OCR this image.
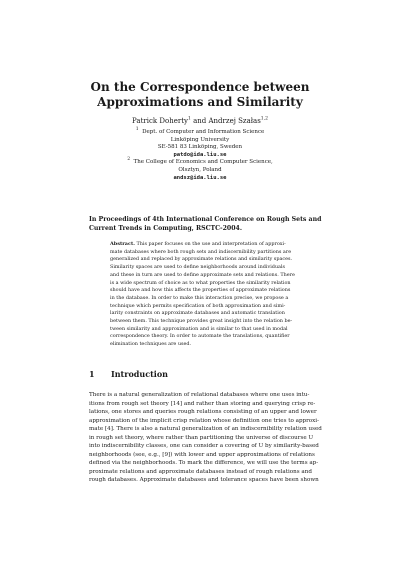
On the Correspondence between
Approximations and Similarity
Patrick Doherty$^1$ and Andrzej Szałas$^{1,2}$
$^1$ Dept. of Computer and Information Science
Linköping University
SE-581 83 Linköping, Sweden
patdo@ida.liu.se
$^2$ The College of Economics and Computer Science,
Olsztyn, Poland
andsz@ida.liu.se
In Proceedings of 4th International Conference on Rough Sets and
Current Trends in Computing, RSCTC-2004.
Abstract. This paper focuses on the use and interpretation of approxi-
mate databases where both rough sets and indiscernibility partitions are
generalized and replaced by approximate relations and similarity spaces.
Similarity spaces are used to define neighborhoods around individuals
and these in turn are used to define approximate sets and relations. There
is a wide spectrum of choice as to what properties the similarity relation
should have and how this affects the properties of approximate relations
in the database. In order to make this interaction precise, we propose a
technique which permits specification of both approximation and simi-
larity constraints on approximate databases and automatic translation
between them. This technique provides great insight into the relation be-
tween similarity and approximation and is similar to that used in modal
correspondence theory. In order to automate the translations, quantifier
elimination techniques are used.
1 Introduction
There is a natural generalization of relational databases where one uses intu-
itions from rough set theory [14] and rather than storing and querying crisp re-
lations, one stores and queries rough relations consisting of an upper and lower
approximation of the implicit crisp relation whose definition one tries to approxi-
mate [4]. There is also a natural generalization of an indiscernibility relation used
in rough set theory, where rather than partitioning the universe of discourse U
into indiscernibility classes, one can consider a covering of U by similarity-based
neighborhoods (see, e.g., [9]) with lower and upper approximations of relations
defined via the neighborhoods. To mark the difference, we will use the terms ap-
proximate relations and approximate databases instead of rough relations and
rough databases. Approximate databases and tolerance spaces have been shown
